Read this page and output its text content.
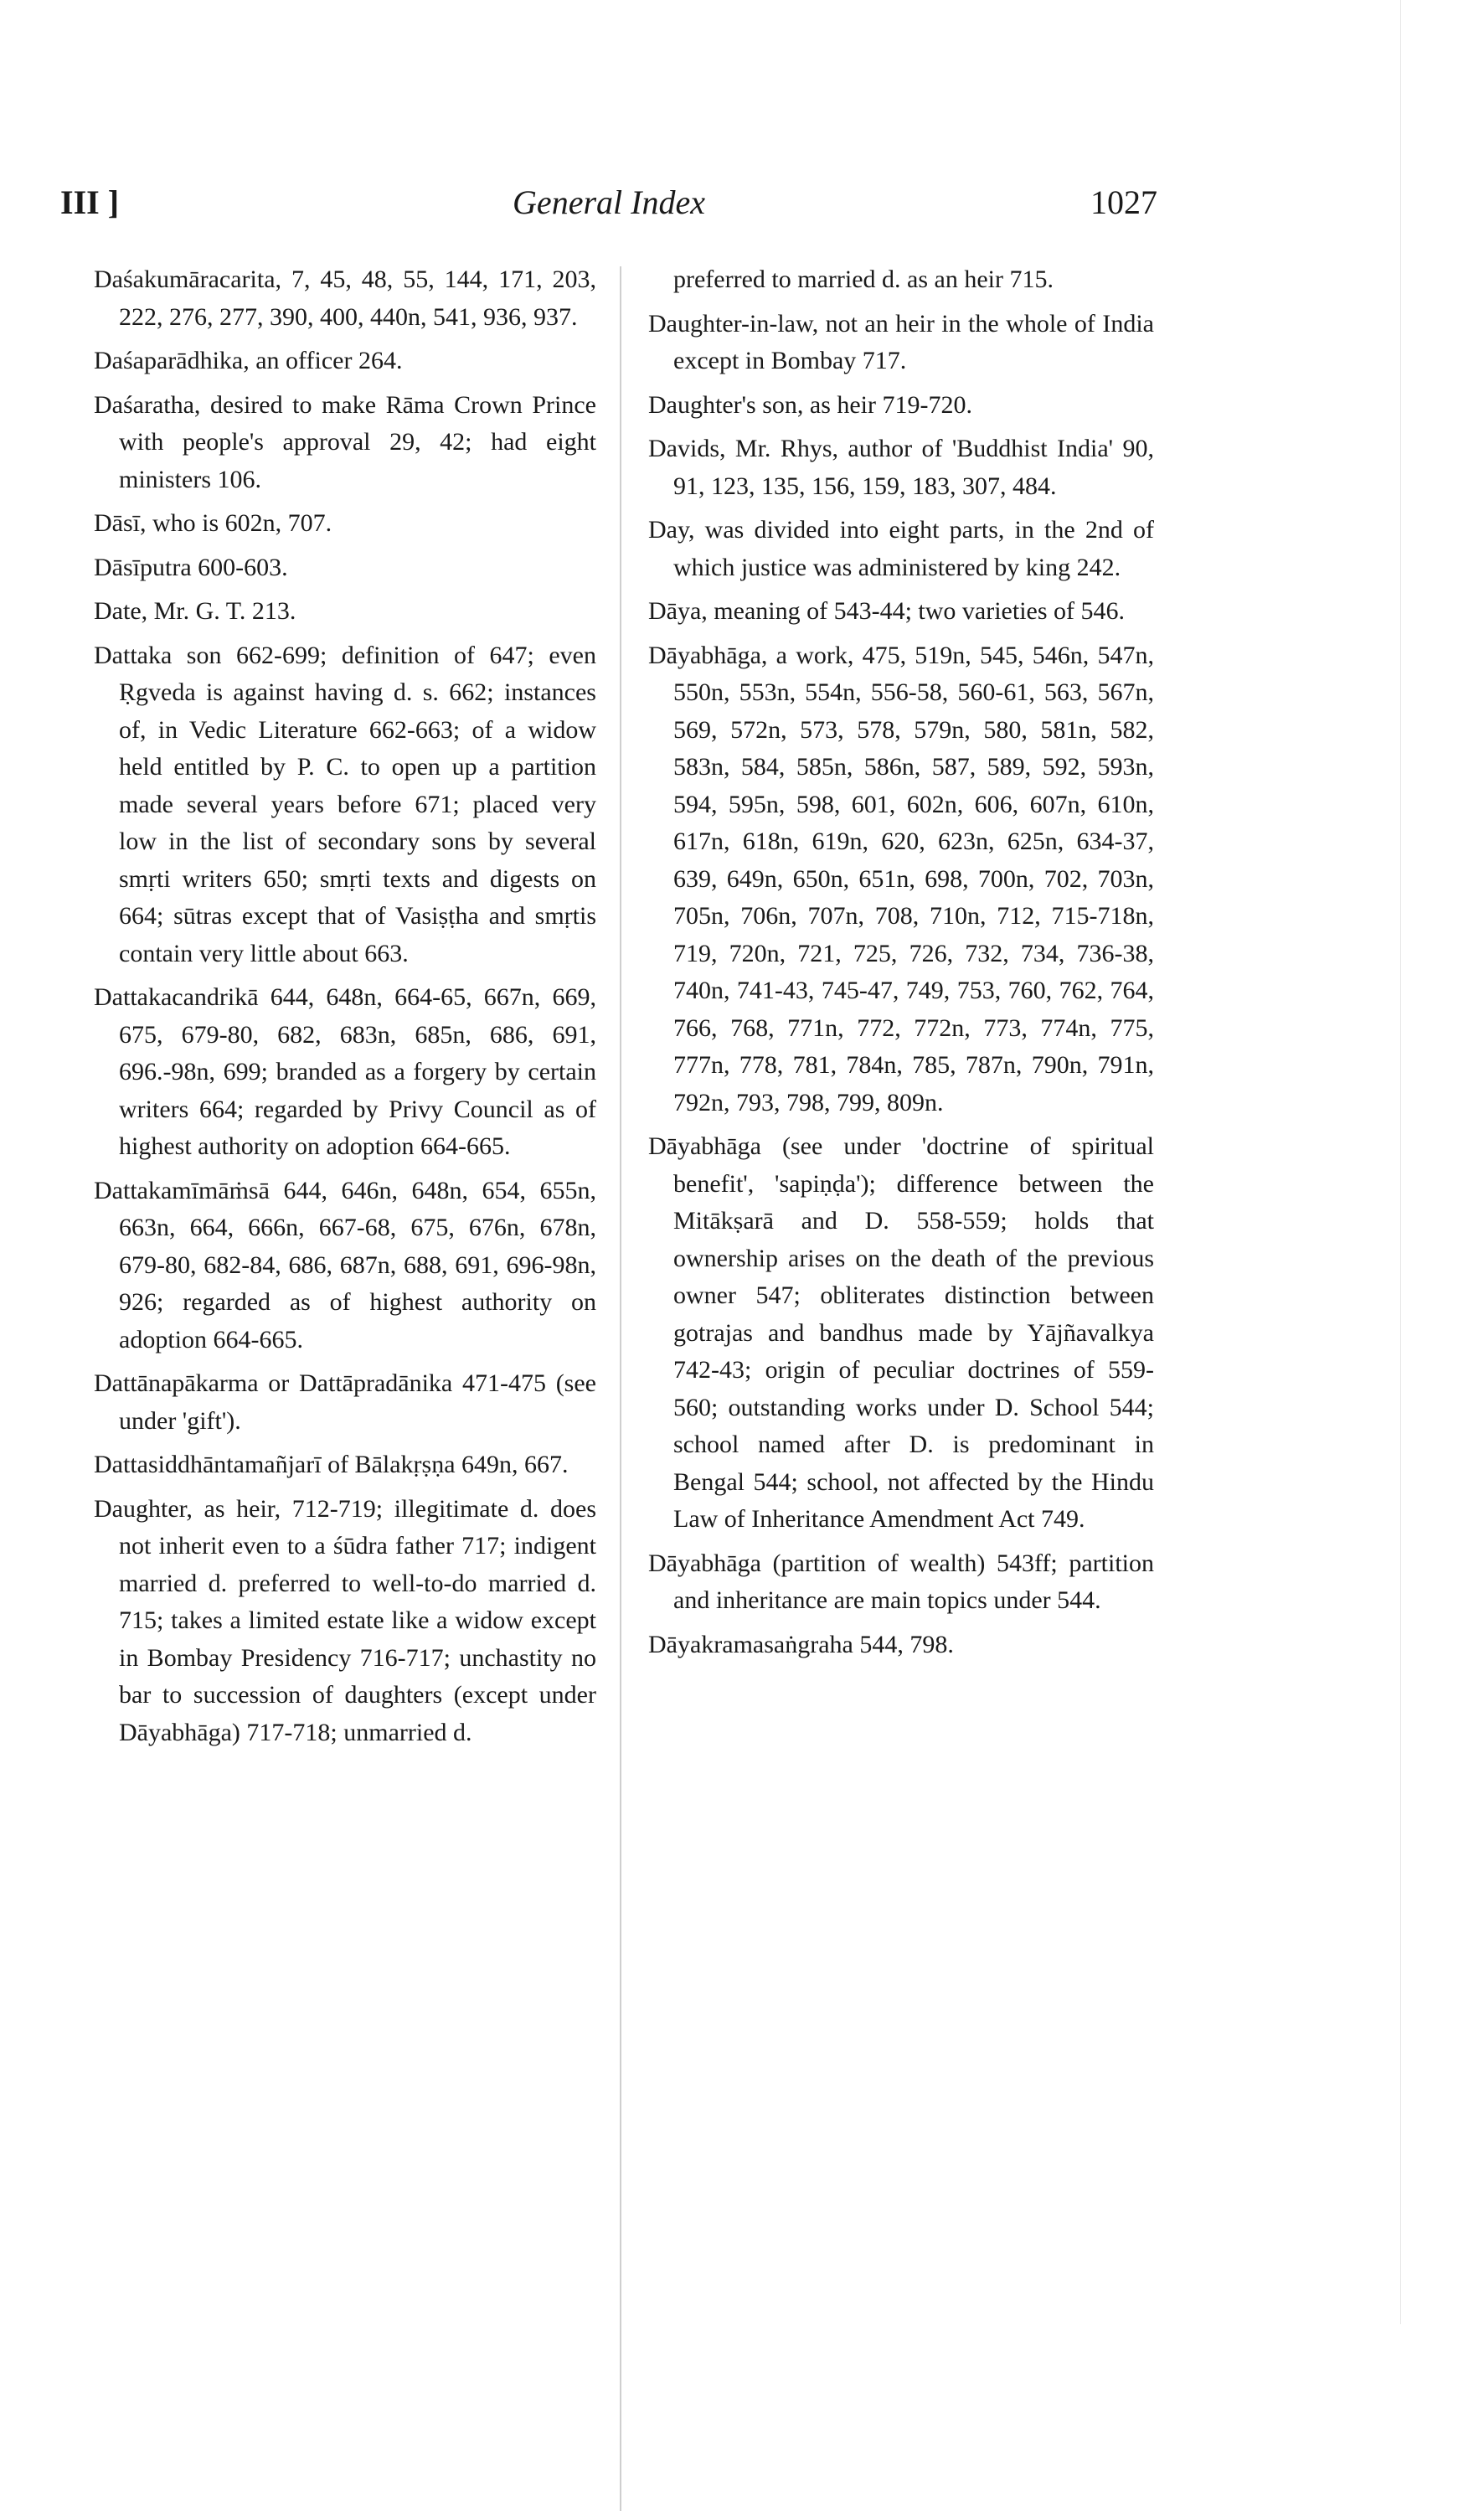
III ]	General Index	1027

Daśakumāracarita, 7, 45, 48, 55, 144, 171, 203, 222, 276, 277, 390, 400, 440n, 541, 936, 937.

Daśaparādhika, an officer 264.

Daśaratha, desired to make Rāma Crown Prince with people's approval 29, 42; had eight ministers 106.

Dāsī, who is 602n, 707.

Dāsīputra 600-603.

Date, Mr. G. T. 213.

Dattaka son 662-699; definition of 647; even Ṛgveda is against having d. s. 662; instances of, in Vedic Literature 662-663; of a widow held entitled by P. C. to open up a partition made several years before 671; placed very low in the list of secondary sons by several smṛti writers 650; smṛti texts and digests on 664; sūtras except that of Vasiṣṭha and smṛtis contain very little about 663.

Dattakacandrikā 644, 648n, 664-65, 667n, 669, 675, 679-80, 682, 683n, 685n, 686, 691, 696.-98n, 699; branded as a forgery by certain writers 664; regarded by Privy Council as of highest authority on adoption 664-665.

Dattakamīmāṁsā 644, 646n, 648n, 654, 655n, 663n, 664, 666n, 667-68, 675, 676n, 678n, 679-80, 682-84, 686, 687n, 688, 691, 696-98n, 926; regarded as of highest authority on adoption 664-665.

Dattānapākarma or Dattāpradānika 471-475 (see under 'gift').

Dattasiddhāntamañjarī of Bālakṛṣṇa 649n, 667.

Daughter, as heir, 712-719; illegitimate d. does not inherit even to a śūdra father 717; indigent married d. preferred to well-to-do married d. 715; takes a limited estate like a widow except in Bombay Presidency 716-717; unchastity no bar to succession of daughters (except under Dāyabhāga) 717-718; unmarried d.

preferred to married d. as an heir 715.

Daughter-in-law, not an heir in the whole of India except in Bombay 717.

Daughter's son, as heir 719-720.

Davids, Mr. Rhys, author of 'Buddhist India' 90, 91, 123, 135, 156, 159, 183, 307, 484.

Day, was divided into eight parts, in the 2nd of which justice was administered by king 242.

Dāya, meaning of 543-44; two varieties of 546.

Dāyabhāga, a work, 475, 519n, 545, 546n, 547n, 550n, 553n, 554n, 556-58, 560-61, 563, 567n, 569, 572n, 573, 578, 579n, 580, 581n, 582, 583n, 584, 585n, 586n, 587, 589, 592, 593n, 594, 595n, 598, 601, 602n, 606, 607n, 610n, 617n, 618n, 619n, 620, 623n, 625n, 634-37, 639, 649n, 650n, 651n, 698, 700n, 702, 703n, 705n, 706n, 707n, 708, 710n, 712, 715-718n, 719, 720n, 721, 725, 726, 732, 734, 736-38, 740n, 741-43, 745-47, 749, 753, 760, 762, 764, 766, 768, 771n, 772, 772n, 773, 774n, 775, 777n, 778, 781, 784n, 785, 787n, 790n, 791n, 792n, 793, 798, 799, 809n.

Dāyabhāga (see under 'doctrine of spiritual benefit', 'sapiṇḍa'); difference between the Mitākṣarā and D. 558-559; holds that ownership arises on the death of the previous owner 547; obliterates distinction between gotrajas and bandhus made by Yājñavalkya 742-43; origin of peculiar doctrines of 559-560; outstanding works under D. School 544; school named after D. is predominant in Bengal 544; school, not affected by the Hindu Law of Inheritance Amendment Act 749.

Dāyabhāga (partition of wealth) 543ff; partition and inheritance are main topics under 544.

Dāyakramasaṅgraha 544, 798.
